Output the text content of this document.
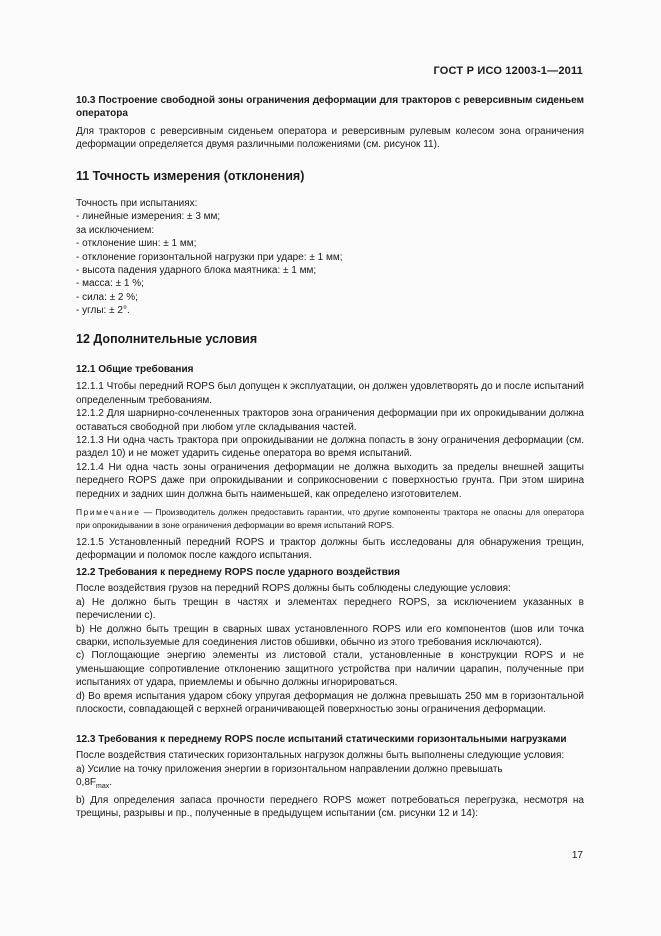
ГОСТ Р ИСО 12003-1—2011

10.3 Построение свободной зоны ограничения деформации для тракторов с реверсивным сиденьем оператора

Для тракторов с реверсивным сиденьем оператора и реверсивным рулевым колесом зона ограничения деформации определяется двумя различными положениями (см. рисунок 11).

11 Точность измерения (отклонения)

Точность при испытаниях:

- линейные измерения: ± 3 мм;

за исключением:

- отклонение шин: ± 1 мм;

- отклонение горизонтальной нагрузки при ударе: ± 1 мм;

- высота падения ударного блока маятника: ± 1 мм;

- масса: ± 1 %;

- сила: ± 2 %;

- углы: ± 2°.

12 Дополнительные условия

12.1 Общие требования

12.1.1 Чтобы передний ROPS был допущен к эксплуатации, он должен удовлетворять до и после испытаний определенным требованиям.

12.1.2 Для шарнирно-сочлененных тракторов зона ограничения деформации при их опрокидывании должна оставаться свободной при любом угле складывания частей.

12.1.3 Ни одна часть трактора при опрокидывании не должна попасть в зону ограничения деформации (см. раздел 10) и не может ударить сиденье оператора во время испытаний.

12.1.4 Ни одна часть зоны ограничения деформации не должна выходить за пределы внешней защиты переднего ROPS даже при опрокидывании и соприкосновении с поверхностью грунта. При этом ширина передних и задних шин должна быть наименьшей, как определено изготовителем.

Примечание — Производитель должен предоставить гарантии, что другие компоненты трактора не опасны для оператора при опрокидывании в зоне ограничения деформации во время испытаний ROPS.

12.1.5 Установленный передний ROPS и трактор должны быть исследованы для обнаружения трещин, деформации и поломок после каждого испытания.

12.2 Требования к переднему ROPS после ударного воздействия

После воздействия грузов на передний ROPS должны быть соблюдены следующие условия:

а) Не должно быть трещин в частях и элементах переднего ROPS, за исключением указанных в перечислении с).

b) Не должно быть трещин в сварных швах установленного ROPS или его компонентов (шов или точка сварки, используемые для соединения листов обшивки, обычно из этого требования исключаются).

с) Поглощающие энергию элементы из листовой стали, установленные в конструкции ROPS и не уменьшающие сопротивление отклонению защитного устройства при наличии царапин, полученные при испытаниях от удара, приемлемы и обычно должны игнорироваться.

d) Во время испытания ударом сбоку упругая деформация не должна превышать 250 мм в горизонтальной плоскости, совпадающей с верхней ограничивающей поверхностью зоны ограничения деформации.

12.3 Требования к переднему ROPS после испытаний статическими горизонтальными нагрузками

После воздействия статических горизонтальных нагрузок должны быть выполнены следующие условия:

а) Усилие на точку приложения энергии в горизонтальном направлении должно превышать

$0,8F_{max}$.

b) Для определения запаса прочности переднего ROPS может потребоваться перегрузка, несмотря на трещины, разрывы и пр., полученные в предыдущем испытании (см. рисунки 12 и 14):

17
